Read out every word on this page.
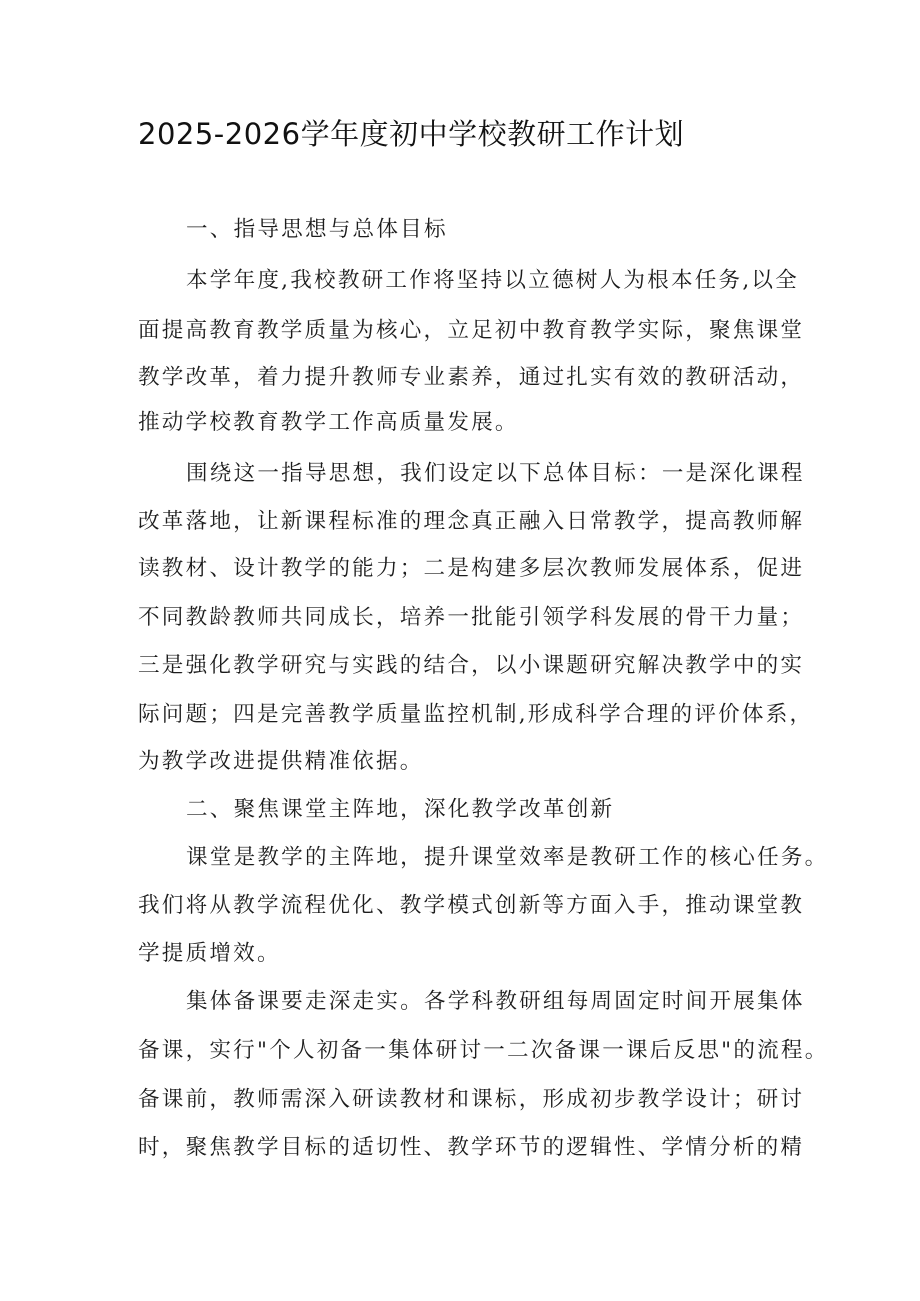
2025-2026学年度初中学校教研工作计划
一、指导思想与总体目标
本学年度,我校教研工作将坚持以立德树人为根本任务,以全
面提高教育教学质量为核心，立足初中教育教学实际，聚焦课堂
教学改革，着力提升教师专业素养，通过扎实有效的教研活动，
推动学校教育教学工作高质量发展。
围绕这一指导思想，我们设定以下总体目标：一是深化课程
改革落地，让新课程标准的理念真正融入日常教学，提高教师解
读教材、设计教学的能力；二是构建多层次教师发展体系，促进
不同教龄教师共同成长，培养一批能引领学科发展的骨干力量；
三是强化教学研究与实践的结合，以小课题研究解决教学中的实
际问题；四是完善教学质量监控机制,形成科学合理的评价体系，
为教学改进提供精准依据。
二、聚焦课堂主阵地，深化教学改革创新
课堂是教学的主阵地，提升课堂效率是教研工作的核心任务。
我们将从教学流程优化、教学模式创新等方面入手，推动课堂教
学提质增效。
集体备课要走深走实。各学科教研组每周固定时间开展集体
备课，实行"个人初备一集体研讨一二次备课一课后反思"的流程。
备课前，教师需深入研读教材和课标，形成初步教学设计；研讨
时，聚焦教学目标的适切性、教学环节的逻辑性、学情分析的精
